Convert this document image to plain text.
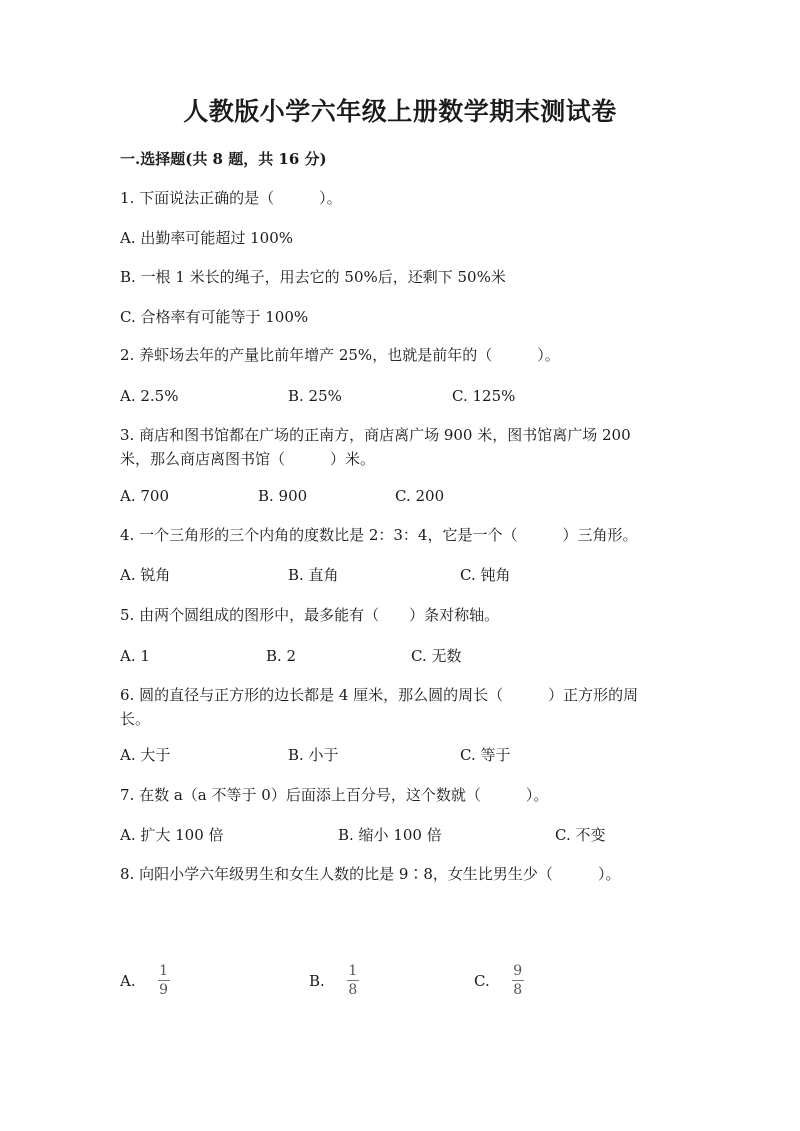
人教版小学六年级上册数学期末测试卷
一.选择题(共 8 题，共 16 分)
1. 下面说法正确的是（　　　）。
A. 出勤率可能超过 100%
B. 一根 1 米长的绳子，用去它的 50%后，还剩下 50%米
C. 合格率有可能等于 100%
2. 养虾场去年的产量比前年增产 25%，也就是前年的（　　　）。
A. 2.5%	B. 25%	C. 125%
3. 商店和图书馆都在广场的正南方，商店离广场 900 米，图书馆离广场 200 米，那么商店离图书馆（　　　）米。
A. 700	B. 900	C. 200
4. 一个三角形的三个内角的度数比是 2：3：4，它是一个（　　　）三角形。
A. 锐角	B. 直角	C. 钝角
5. 由两个圆组成的图形中，最多能有（　　）条对称轴。
A. 1	B. 2	C. 无数
6. 圆的直径与正方形的边长都是 4 厘米，那么圆的周长（　　　）正方形的周长。
A. 大于	B. 小于	C. 等于
7. 在数 a（a 不等于 0）后面添上百分号，这个数就（　　　）。
A. 扩大 100 倍	B. 缩小 100 倍	C. 不变
8. 向阳小学六年级男生和女生人数的比是 9∶8，女生比男生少（　　　）。
A. $\frac{1}{9}$	B. $\frac{1}{8}$	C. $\frac{9}{8}$
